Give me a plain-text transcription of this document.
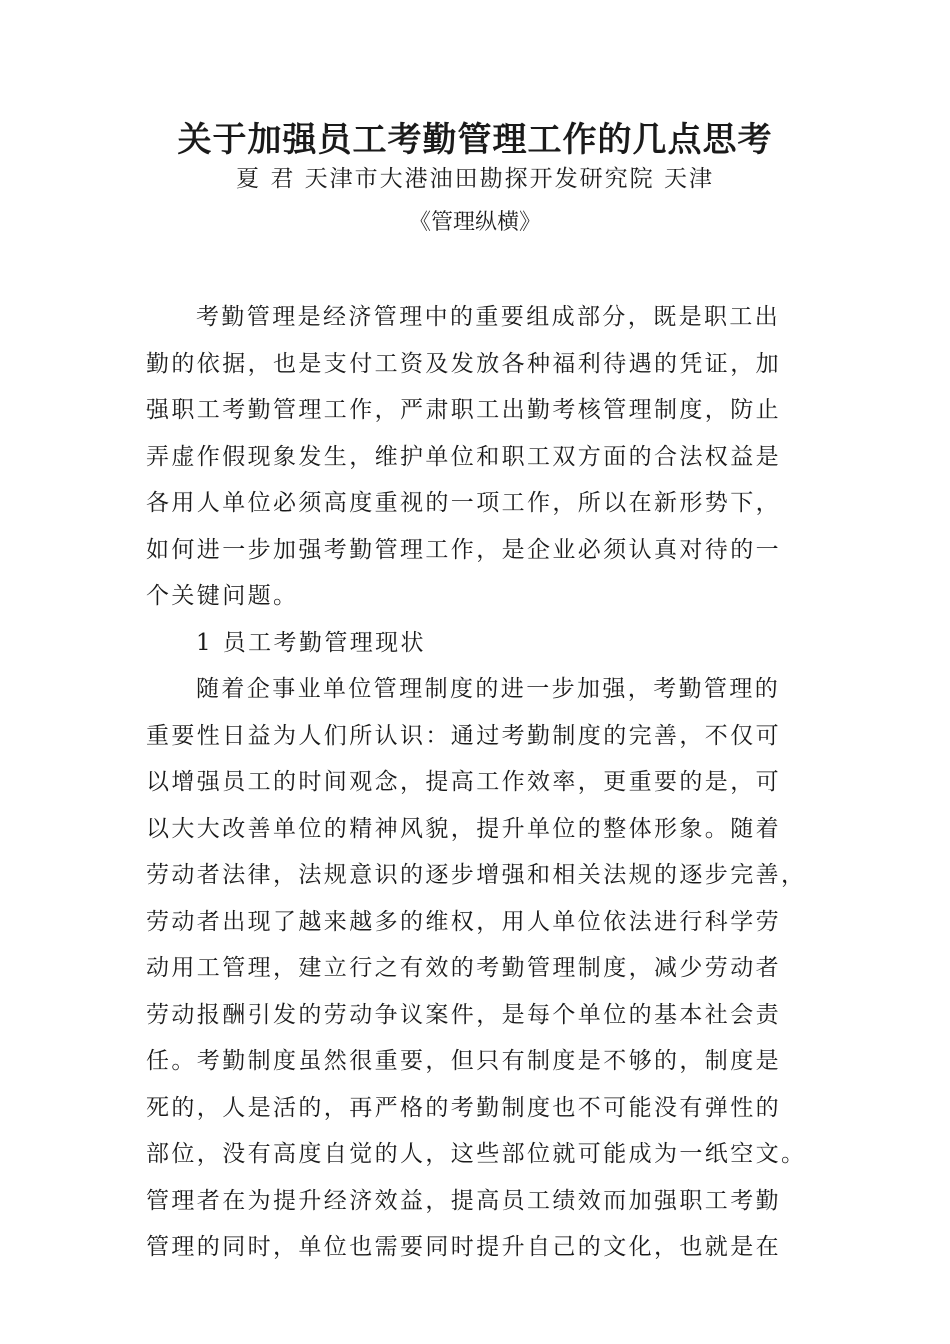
关于加强员工考勤管理工作的几点思考
夏 君 天津市大港油田勘探开发研究院 天津
《管理纵横》
考勤管理是经济管理中的重要组成部分，既是职工出
勤的依据，也是支付工资及发放各种福利待遇的凭证，加
强职工考勤管理工作，严肃职工出勤考核管理制度，防止
弄虚作假现象发生，维护单位和职工双方面的合法权益是
各用人单位必须高度重视的一项工作，所以在新形势下，
如何进一步加强考勤管理工作，是企业必须认真对待的一
个关键问题。
1 员工考勤管理现状
随着企事业单位管理制度的进一步加强，考勤管理的
重要性日益为人们所认识：通过考勤制度的完善，不仅可
以增强员工的时间观念，提高工作效率，更重要的是，可
以大大改善单位的精神风貌，提升单位的整体形象。随着
劳动者法律，法规意识的逐步增强和相关法规的逐步完善，
劳动者出现了越来越多的维权，用人单位依法进行科学劳
动用工管理，建立行之有效的考勤管理制度，减少劳动者
劳动报酬引发的劳动争议案件，是每个单位的基本社会责
任。考勤制度虽然很重要，但只有制度是不够的，制度是
死的，人是活的，再严格的考勤制度也不可能没有弹性的
部位，没有高度自觉的人，这些部位就可能成为一纸空文。
管理者在为提升经济效益，提高员工绩效而加强职工考勤
管理的同时，单位也需要同时提升自己的文化，也就是在
